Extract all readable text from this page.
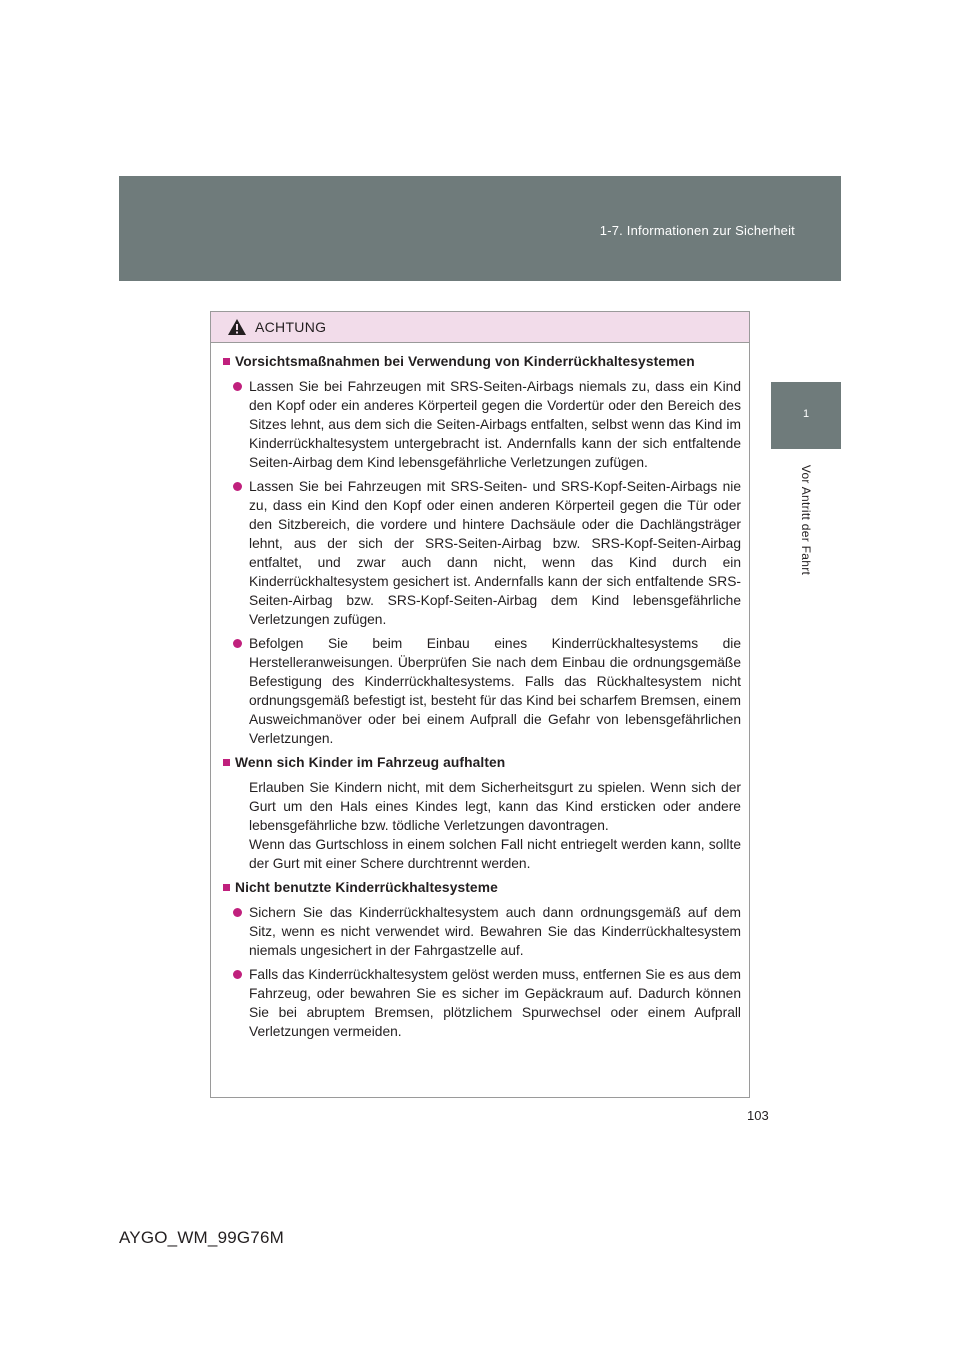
1-7. Informationen zur Sicherheit
1
Vor Antritt der Fahrt
ACHTUNG
Vorsichtsmaßnahmen bei Verwendung von Kinderrückhaltesystemen
Lassen Sie bei Fahrzeugen mit SRS-Seiten-Airbags niemals zu, dass ein Kind den Kopf oder ein anderes Körperteil gegen die Vordertür oder den Bereich des Sitzes lehnt, aus dem sich die Seiten-Airbags entfalten, selbst wenn das Kind im Kinderrückhaltesystem untergebracht ist. Andernfalls kann der sich entfaltende Seiten-Airbag dem Kind lebensgefährliche Verletzungen zufügen.
Lassen Sie bei Fahrzeugen mit SRS-Seiten- und SRS-Kopf-Seiten-Airbags nie zu, dass ein Kind den Kopf oder einen anderen Körperteil gegen die Tür oder den Sitzbereich, die vordere und hintere Dachsäule oder die Dachlängsträger lehnt, aus der sich der SRS-Seiten-Airbag bzw. SRS-Kopf-Seiten-Airbag entfaltet, und zwar auch dann nicht, wenn das Kind durch ein Kinderrückhaltesystem gesichert ist. Andernfalls kann der sich entfaltende SRS-Seiten-Airbag bzw. SRS-Kopf-Seiten-Airbag dem Kind lebensgefährliche Verletzungen zufügen.
Befolgen Sie beim Einbau eines Kinderrückhaltesystems die Herstelleranweisungen. Überprüfen Sie nach dem Einbau die ordnungsgemäße Befestigung des Kinderrückhaltesystems. Falls das Rückhaltesystem nicht ordnungsgemäß befestigt ist, besteht für das Kind bei scharfem Bremsen, einem Ausweichmanöver oder bei einem Aufprall die Gefahr von lebensgefährlichen Verletzungen.
Wenn sich Kinder im Fahrzeug aufhalten
Erlauben Sie Kindern nicht, mit dem Sicherheitsgurt zu spielen. Wenn sich der Gurt um den Hals eines Kindes legt, kann das Kind ersticken oder andere lebensgefährliche bzw. tödliche Verletzungen davontragen.
Wenn das Gurtschloss in einem solchen Fall nicht entriegelt werden kann, sollte der Gurt mit einer Schere durchtrennt werden.
Nicht benutzte Kinderrückhaltesysteme
Sichern Sie das Kinderrückhaltesystem auch dann ordnungsgemäß auf dem Sitz, wenn es nicht verwendet wird. Bewahren Sie das Kinderrückhaltesystem niemals ungesichert in der Fahrgastzelle auf.
Falls das Kinderrückhaltesystem gelöst werden muss, entfernen Sie es aus dem Fahrzeug, oder bewahren Sie es sicher im Gepäckraum auf. Dadurch können Sie bei abruptem Bremsen, plötzlichem Spurwechsel oder einem Aufprall Verletzungen vermeiden.
103
AYGO_WM_99G76M
